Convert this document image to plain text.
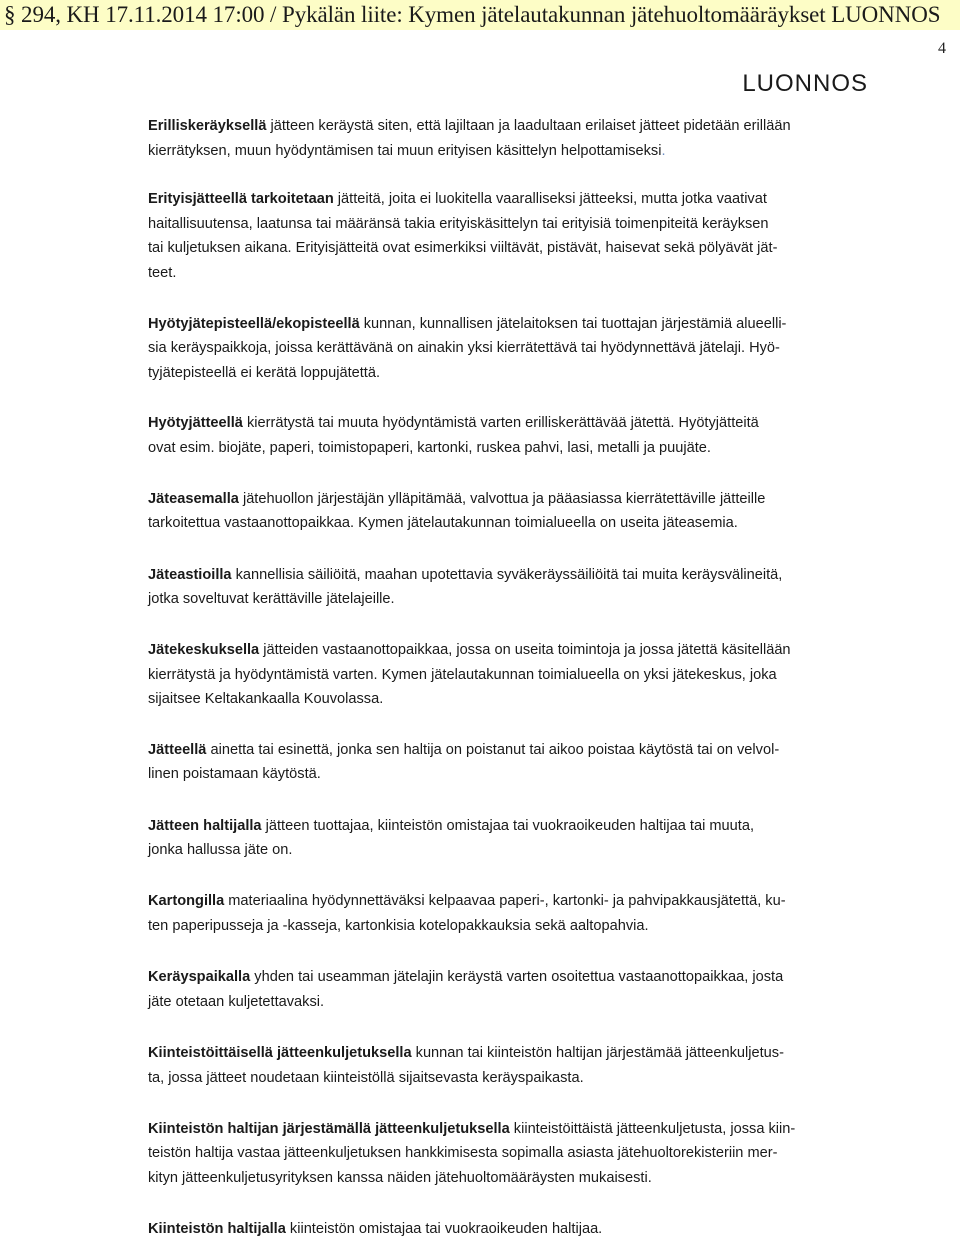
§ 294, KH 17.11.2014 17:00 / Pykälän liite: Kymen jätelautakunnan jätehuoltomääräykset LUONNOS
4
LUONNOS

Erilliskeräyksellä jätteen keräystä siten, että lajiltaan ja laadultaan erilaiset jätteet pidetään erillään
kierrätyksen, muun hyödyntämisen tai muun erityisen käsittelyn helpottamiseksi.

Erityisjätteellä tarkoitetaan jätteitä, joita ei luokitella vaaralliseksi jätteeksi, mutta jotka vaativat
haitallisuutensa, laatunsa tai määränsä takia erityiskäsittelyn tai erityisiä toimenpiteitä keräyksen
tai kuljetuksen aikana. Erityisjätteitä ovat esimerkiksi viiltävät, pistävät, haisevat sekä pölyävät jät-
teet.

Hyötyjätepisteellä/ekopisteellä kunnan, kunnallisen jätelaitoksen tai tuottajan järjestämiä alueelli-
sia keräyspaikkoja, joissa kerättävänä on ainakin yksi kierrätettävä tai hyödynnettävä jätelaji. Hyö-
tyjätepisteellä ei kerätä loppujätettä.

Hyötyjätteellä kierrätystä tai muuta hyödyntämistä varten erilliskerättävää jätettä. Hyötyjätteitä
ovat esim. biojäte, paperi, toimistopaperi, kartonki, ruskea pahvi, lasi, metalli ja puujäte.

Jäteasemalla jätehuollon järjestäjän ylläpitämää, valvottua ja pääasiassa kierrätettäville jätteille
tarkoitettua vastaanottopaikkaa. Kymen jätelautakunnan toimialueella on useita jäteasemia.

Jäteastioilla kannellisia säiliöitä, maahan upotettavia syväkeräyssäiliöitä tai muita keräysvälineitä,
jotka soveltuvat kerättäville jätelajeille.

Jätekeskuksella jätteiden vastaanottopaikkaa, jossa on useita toimintoja ja jossa jätettä käsitellään
kierrätystä ja hyödyntämistä varten. Kymen jätelautakunnan toimialueella on yksi jätekeskus, joka
sijaitsee Keltakankaalla Kouvolassa.

Jätteellä ainetta tai esinettä, jonka sen haltija on poistanut tai aikoo poistaa käytöstä tai on velvol-
linen poistamaan käytöstä.

Jätteen haltijalla jätteen tuottajaa, kiinteistön omistajaa tai vuokraoikeuden haltijaa tai muuta,
jonka hallussa jäte on.

Kartongilla materiaalina hyödynnettäväksi kelpaavaa paperi-, kartonki- ja pahvipakkausjätettä, ku-
ten paperipusseja ja -kasseja, kartonkisia kotelopakkauksia sekä aaltopahvia.

Keräyspaikalla yhden tai useamman jätelajin keräystä varten osoitettua vastaanottopaikkaa, josta
jäte otetaan kuljetettavaksi.

Kiinteistöittäisellä jätteenkuljetuksella kunnan tai kiinteistön haltijan järjestämää jätteenkuljetus-
ta, jossa jätteet noudetaan kiinteistöllä sijaitsevasta keräyspaikasta.

Kiinteistön haltijan järjestämällä jätteenkuljetuksella kiinteistöittäistä jätteenkuljetusta, jossa kiin-
teistön haltija vastaa jätteenkuljetuksen hankkimisesta sopimalla asiasta jätehuoltorekisteriin mer-
kityn jätteenkuljetusyrityksen kanssa näiden jätehuoltomääräysten mukaisesti.

Kiinteistön haltijalla kiinteistön omistajaa tai vuokraoikeuden haltijaa.
